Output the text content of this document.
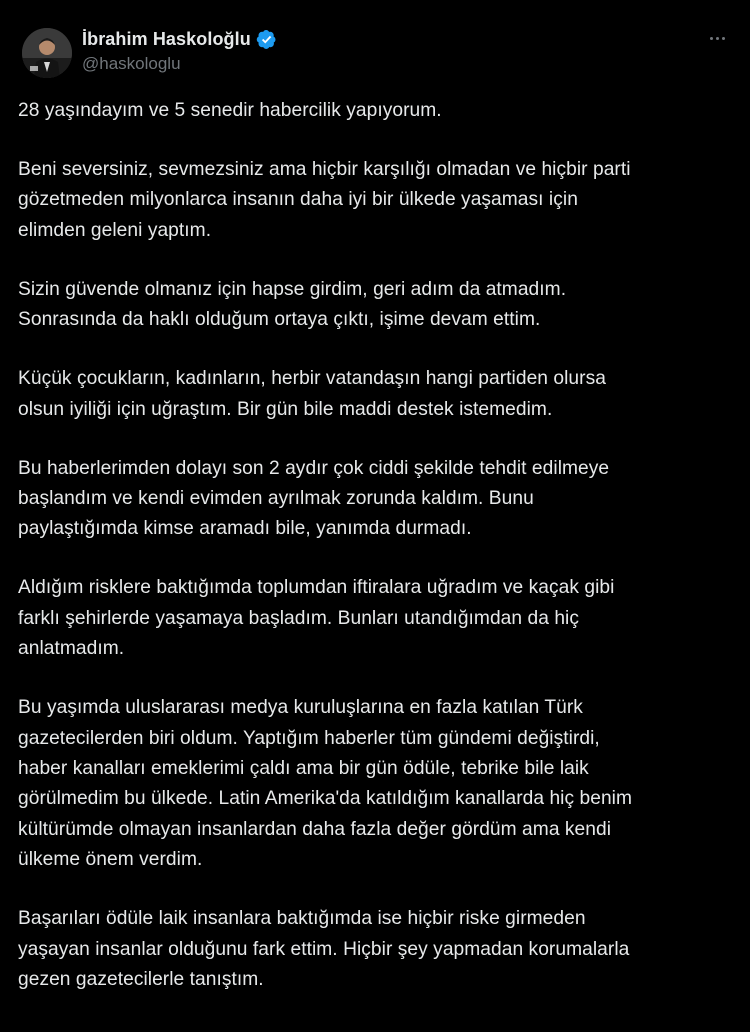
İbrahim Haskoloğlu
@haskologlu

28 yaşındayım ve 5 senedir habercilik yapıyorum.

Beni seversiniz, sevmezsiniz ama hiçbir karşılığı olmadan ve hiçbir parti
gözetmeden milyonlarca insanın daha iyi bir ülkede yaşaması için
elimden geleni yaptım.

Sizin güvende olmanız için hapse girdim, geri adım da atmadım.
Sonrasında da haklı olduğum ortaya çıktı, işime devam ettim.

Küçük çocukların, kadınların, herbir vatandaşın hangi partiden olursa
olsun iyiliği için uğraştım. Bir gün bile maddi destek istemedim.

Bu haberlerimden dolayı son 2 aydır çok ciddi şekilde tehdit edilmeye
başlandım ve kendi evimden ayrılmak zorunda kaldım. Bunu
paylaştığımda kimse aramadı bile, yanımda durmadı.

Aldığım risklere baktığımda toplumdan iftiralara uğradım ve kaçak gibi
farklı şehirlerde yaşamaya başladım. Bunları utandığımdan da hiç
anlatmadım.

Bu yaşımda uluslararası medya kuruluşlarına en fazla katılan Türk
gazetecilerden biri oldum. Yaptığım haberler tüm gündemi değiştirdi,
haber kanalları emeklerimi çaldı ama bir gün ödüle, tebrike bile laik
görülmedim bu ülkede. Latin Amerika'da katıldığım kanallarda hiç benim
kültürümde olmayan insanlardan daha fazla değer gördüm ama kendi
ülkeme önem verdim.

Başarıları ödüle laik insanlara baktığımda ise hiçbir riske girmeden
yaşayan insanlar olduğunu fark ettim. Hiçbir şey yapmadan korumalarla
gezen gazetecilerle tanıştım.
